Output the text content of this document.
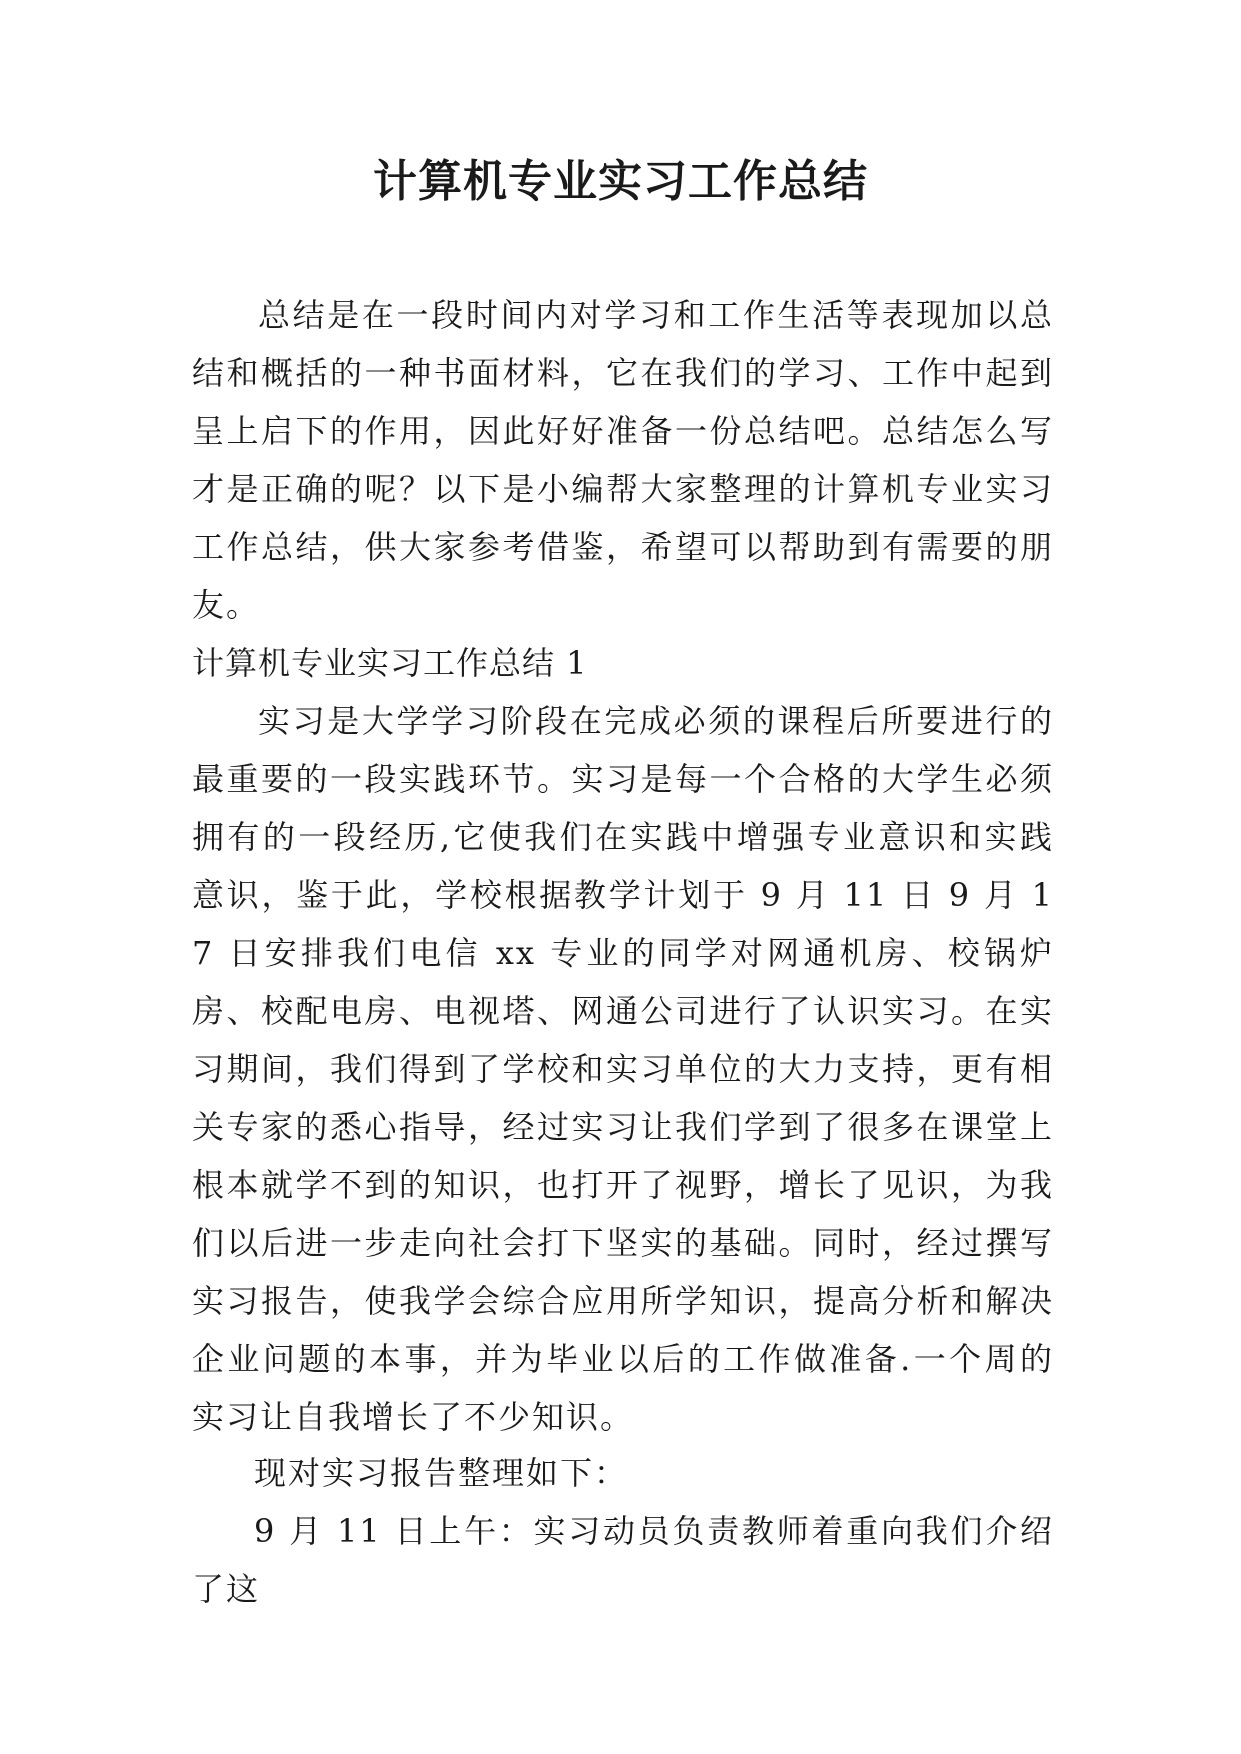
计算机专业实习工作总结

总结是在一段时间内对学习和工作生活等表现加以总结和概括的一种书面材料，它在我们的学习、工作中起到呈上启下的作用，因此好好准备一份总结吧。总结怎么写才是正确的呢？以下是小编帮大家整理的计算机专业实习工作总结，供大家参考借鉴，希望可以帮助到有需要的朋友。

计算机专业实习工作总结 1

实习是大学学习阶段在完成必须的课程后所要进行的最重要的一段实践环节。实习是每一个合格的大学生必须拥有的一段经历,它使我们在实践中增强专业意识和实践意识，鉴于此，学校根据教学计划于 9 月 11 日 9 月 17 日安排我们电信 xx 专业的同学对网通机房、校锅炉房、校配电房、电视塔、网通公司进行了认识实习。在实习期间，我们得到了学校和实习单位的大力支持，更有相关专家的悉心指导，经过实习让我们学到了很多在课堂上根本就学不到的知识，也打开了视野，增长了见识，为我们以后进一步走向社会打下坚实的基础。同时，经过撰写实习报告，使我学会综合应用所学知识，提高分析和解决企业问题的本事，并为毕业以后的工作做准备.一个周的实习让自我增长了不少知识。

现对实习报告整理如下：

9 月 11 日上午：实习动员负责教师着重向我们介绍了这
